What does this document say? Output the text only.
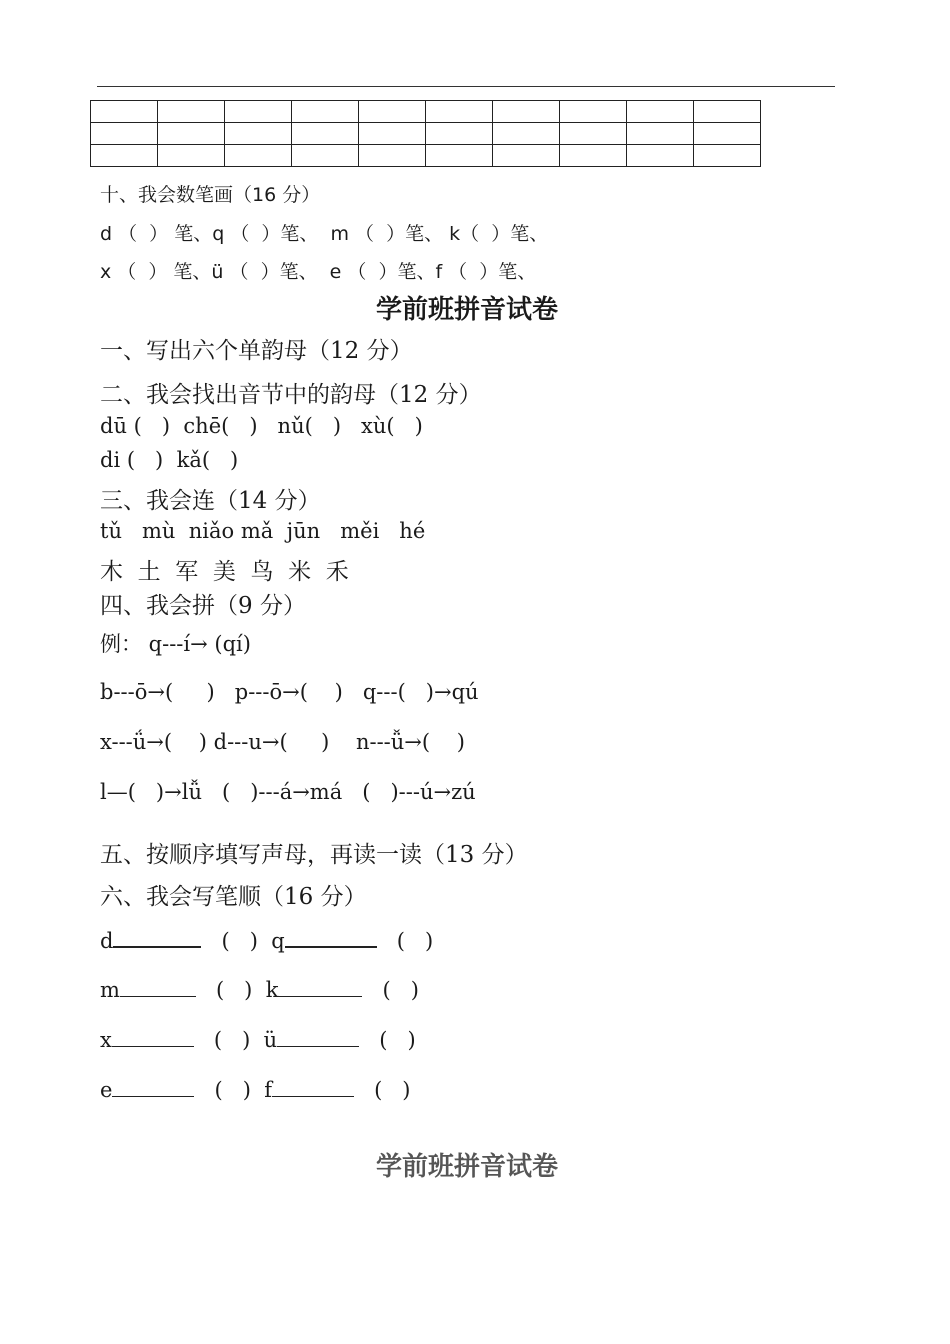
十、我会数笔画（16 分）
d （  ） 笔、q （  ）笔、  m （  ）笔、 k（  ）笔、
x （  ） 笔、ü （  ）笔、  e （  ）笔、f （  ）笔、
学前班拼音试卷
一、写出六个单韵母（12 分）
二、我会找出音节中的韵母（12 分）
dū (   )  chē(   )   nǔ(   )   xù(   )
di (   )  kǎ(   )
三、我会连（14 分）
tǔ   mù  niǎo mǎ  jūn   měi   hé
木  土  军  美  鸟  米  禾
四、我会拼（9 分）
例： q---í→ (qí)
b---ō→(     )   p---ō→(    )   q---(   )→qú
x---ǘ→(    ) d---u→(     )    n---ǚ→(    )
l—(   )→lǚ   (   )---á→má   (   )---ú→zú
五、按顺序填写声母，再读一读（13 分）
六、我会写笔顺（16 分）
d	(   ) q	(   )
m	(   ) k	(   )
x	(   ) ü	(   )
e	(   ) f	(   )
学前班拼音试卷
